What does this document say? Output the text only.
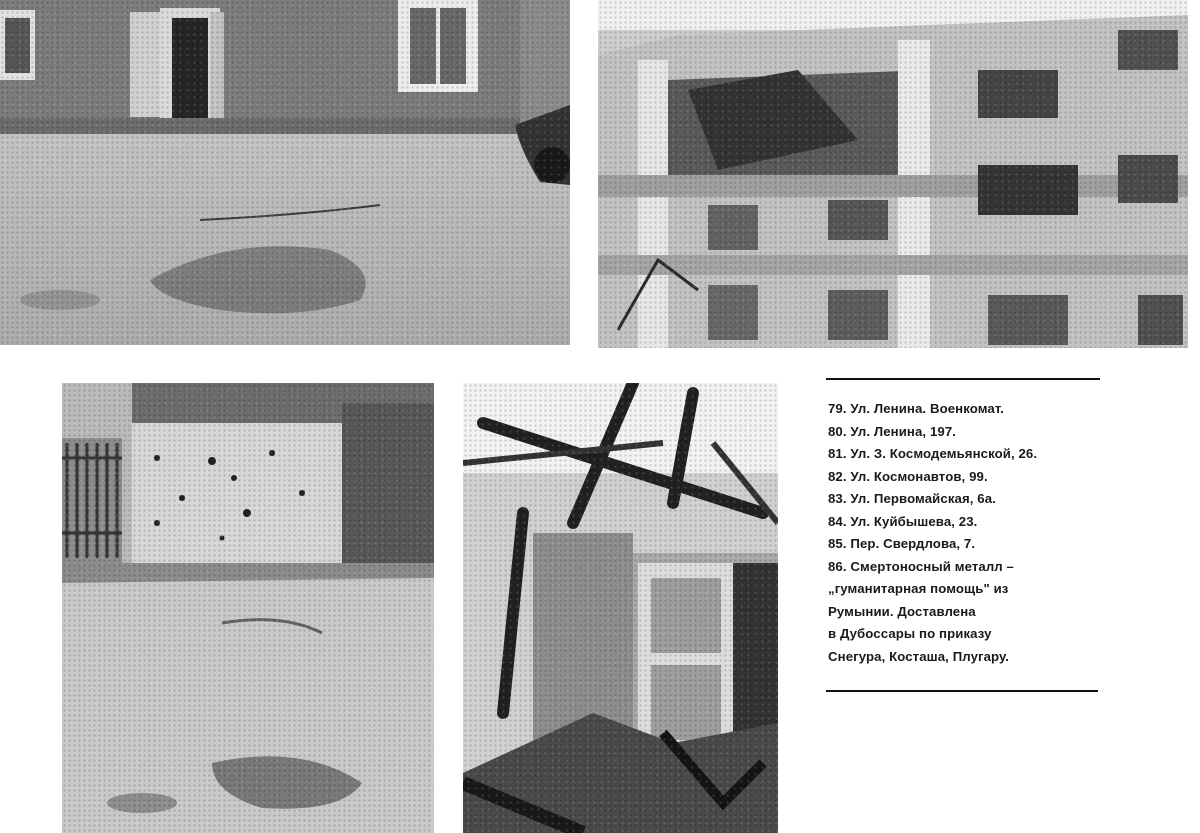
79. Ул. Ленина. Военкомат.
80. Ул. Ленина, 197.
81. Ул. З. Космодемьянской, 26.
82. Ул. Космонавтов, 99.
83. Ул. Первомайская, 6а.
84. Ул. Куйбышева, 23.
85. Пер. Свердлова, 7.
86. Смертоносный металл –
„гуманитарная помощь" из
Румынии. Доставлена
в Дубоссары по приказу
Снегура, Косташа, Плугару.
